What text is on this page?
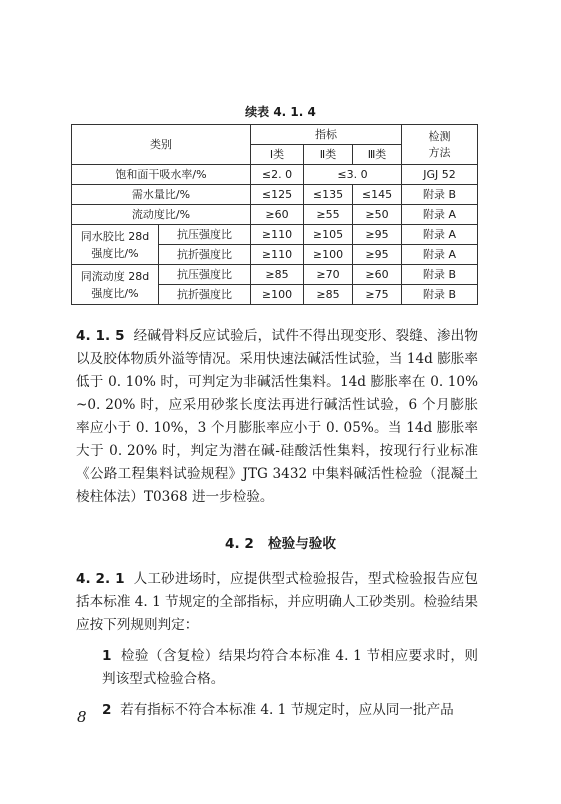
续表 4. 1. 4
类别		指标			检测
方法
		Ⅰ类	Ⅱ类	Ⅲ类	
饱和面干吸水率/%		≤2. 0	≤3. 0		JGJ 52
需水量比/%		≤125	≤135	≤145	附录 B
流动度比/%		≥60	≥55	≥50	附录 A
同水胶比 28d
强度比/%	抗压强度比	≥110	≥105	≥95	附录 A
	抗折强度比	≥110	≥100	≥95	附录 A
同流动度 28d
强度比/%	抗压强度比	≥85	≥70	≥60	附录 B
	抗折强度比	≥100	≥85	≥75	附录 B

4. 1. 5 经碱骨料反应试验后，试件不得出现变形、裂缝、渗出物以及胶体物质外溢等情况。采用快速法碱活性试验，当 14d 膨胀率低于 0. 10% 时，可判定为非碱活性集料。14d 膨胀率在 0. 10% ~0. 20% 时，应采用砂浆长度法再进行碱活性试验，6 个月膨胀率应小于 0. 10%，3 个月膨胀率应小于 0. 05%。当 14d 膨胀率大于 0. 20% 时，判定为潜在碱-硅酸活性集料，按现行行业标准《公路工程集料试验规程》JTG 3432 中集料碱活性检验（混凝土棱柱体法）T0368 进一步检验。

4. 2 检验与验收

4. 2. 1 人工砂进场时，应提供型式检验报告，型式检验报告应包括本标准 4. 1 节规定的全部指标，并应明确人工砂类别。检验结果应按下列规则判定：

1 检验（含复检）结果均符合本标准 4. 1 节相应要求时，则判该型式检验合格。

2 若有指标不符合本标准 4. 1 节规定时，应从同一批产品

8
